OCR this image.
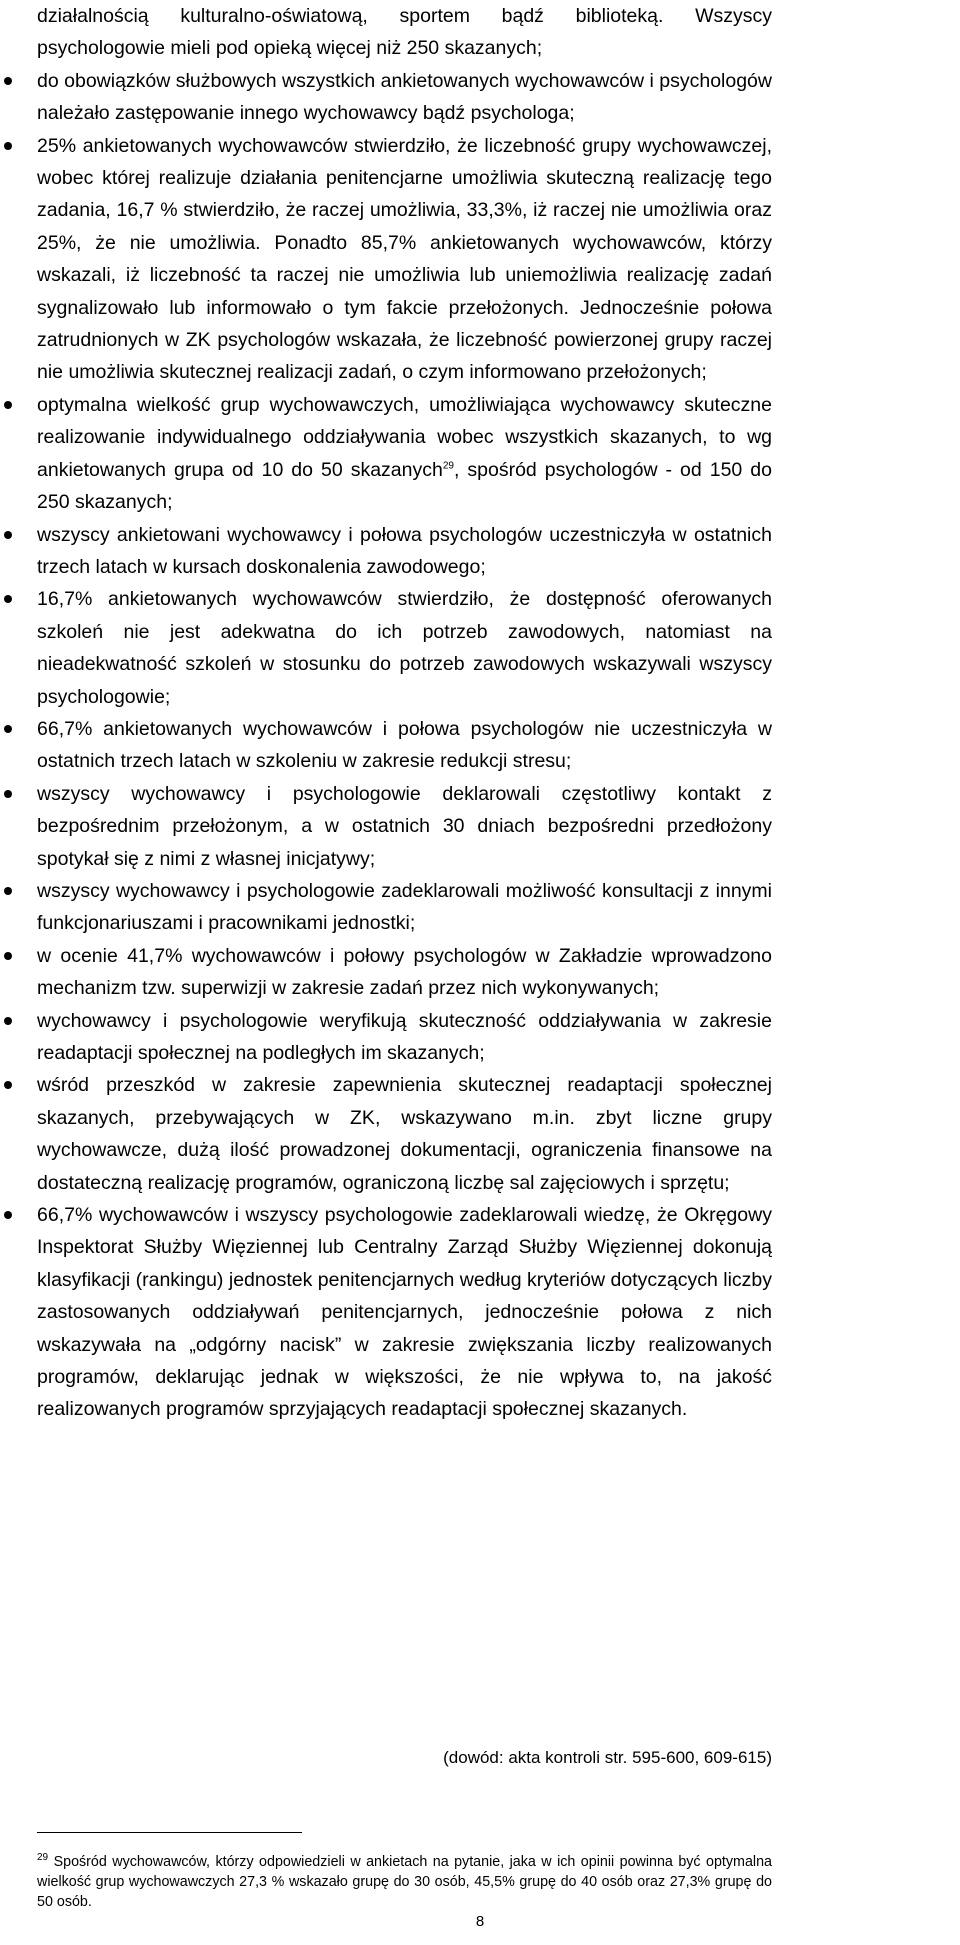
działalnością kulturalno-oświatową, sportem bądź biblioteką. Wszyscy psychologowie mieli pod opieką więcej niż 250 skazanych;

do obowiązków służbowych wszystkich ankietowanych wychowawców i psychologów należało zastępowanie innego wychowawcy bądź psychologa;
25% ankietowanych wychowawców stwierdziło, że liczebność grupy wychowawczej, wobec której realizuje działania penitencjarne umożliwia skuteczną realizację tego zadania, 16,7 % stwierdziło, że raczej umożliwia, 33,3%, iż raczej nie umożliwia oraz 25%, że nie umożliwia. Ponadto 85,7% ankietowanych wychowawców, którzy wskazali, iż liczebność ta raczej nie umożliwia lub uniemożliwia realizację zadań sygnalizowało lub informowało o tym fakcie przełożonych. Jednocześnie połowa zatrudnionych w ZK psychologów wskazała, że liczebność powierzonej grupy raczej nie umożliwia skutecznej realizacji zadań, o czym informowano przełożonych;
optymalna wielkość grup wychowawczych, umożliwiająca wychowawcy skuteczne realizowanie indywidualnego oddziaływania wobec wszystkich skazanych, to wg ankietowanych grupa od 10 do 50 skazanych$^{29}$, spośród psychologów - od 150 do 250 skazanych;
wszyscy ankietowani wychowawcy i połowa psychologów uczestniczyła w ostatnich trzech latach w kursach doskonalenia zawodowego;
16,7% ankietowanych wychowawców stwierdziło, że dostępność oferowanych szkoleń nie jest adekwatna do ich potrzeb zawodowych, natomiast na nieadekwatność szkoleń w stosunku do potrzeb zawodowych wskazywali wszyscy psychologowie;
66,7% ankietowanych wychowawców i połowa psychologów nie uczestniczyła w ostatnich trzech latach w szkoleniu w zakresie redukcji stresu;
wszyscy wychowawcy i psychologowie deklarowali częstotliwy kontakt z bezpośrednim przełożonym, a w ostatnich 30 dniach bezpośredni przedłożony spotykał się z nimi z własnej inicjatywy;
wszyscy wychowawcy i psychologowie zadeklarowali możliwość konsultacji z innymi funkcjonariuszami i pracownikami jednostki;
w ocenie 41,7% wychowawców i połowy psychologów w Zakładzie wprowadzono mechanizm tzw. superwizji w zakresie zadań przez nich wykonywanych;
wychowawcy i psychologowie weryfikują skuteczność oddziaływania w zakresie readaptacji społecznej na podległych im skazanych;
wśród przeszkód w zakresie zapewnienia skutecznej readaptacji społecznej skazanych, przebywających w ZK, wskazywano m.in. zbyt liczne grupy wychowawcze, dużą ilość prowadzonej dokumentacji, ograniczenia finansowe na dostateczną realizację programów, ograniczoną liczbę sal zajęciowych i sprzętu;
66,7% wychowawców i wszyscy psychologowie zadeklarowali wiedzę, że Okręgowy Inspektorat Służby Więziennej lub Centralny Zarząd Służby Więziennej dokonują klasyfikacji (rankingu) jednostek penitencjarnych według kryteriów dotyczących liczby zastosowanych oddziaływań penitencjarnych, jednocześnie połowa z nich wskazywała na „odgórny nacisk” w zakresie zwiększania liczby realizowanych programów, deklarując jednak w większości, że nie wpływa to, na jakość realizowanych programów sprzyjających readaptacji społecznej skazanych.
(dowód: akta kontroli str. 595-600, 609-615)
$^{29}$ Spośród wychowawców, którzy odpowiedzieli w ankietach na pytanie, jaka w ich opinii powinna być optymalna wielkość grup wychowawczych 27,3 % wskazało grupę do 30 osób, 45,5% grupę do 40 osób oraz 27,3% grupę do 50 osób.
8
